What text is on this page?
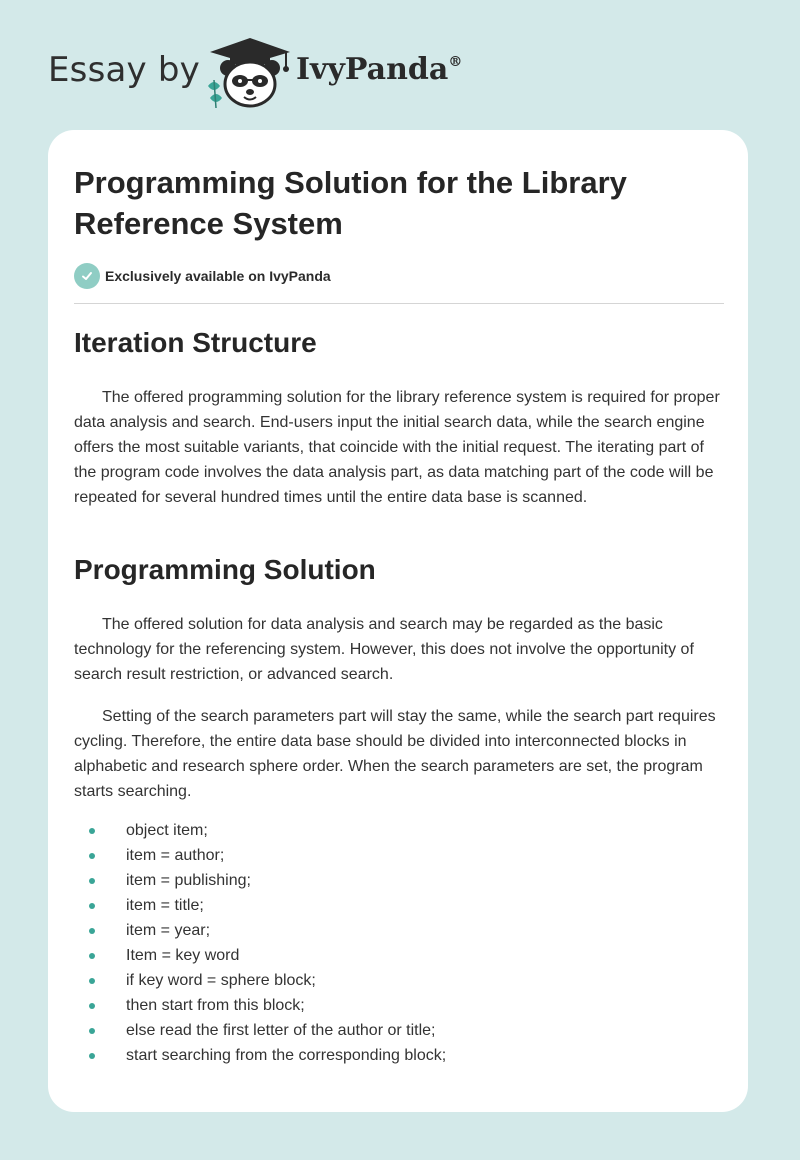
Essay by	IvyPanda®
Programming Solution for the Library Reference System
Exclusively available on IvyPanda
Iteration Structure

The offered programming solution for the library reference system is required for proper data analysis and search. End-users input the initial search data, while the search engine offers the most suitable variants, that coincide with the initial request. The iterating part of the program code involves the data analysis part, as data matching part of the code will be repeated for several hundred times until the entire data base is scanned.

Programming Solution

The offered solution for data analysis and search may be regarded as the basic technology for the referencing system. However, this does not involve the opportunity of search result restriction, or advanced search.

Setting of the search parameters part will stay the same, while the search part requires cycling. Therefore, the entire data base should be divided into interconnected blocks in alphabetic and research sphere order. When the search parameters are set, the program starts searching.

object item;
item = author;
item = publishing;
item = title;
item = year;
Item = key word
if key word = sphere block;
then start from this block;
else read the first letter of the author or title;
start searching from the corresponding block;
